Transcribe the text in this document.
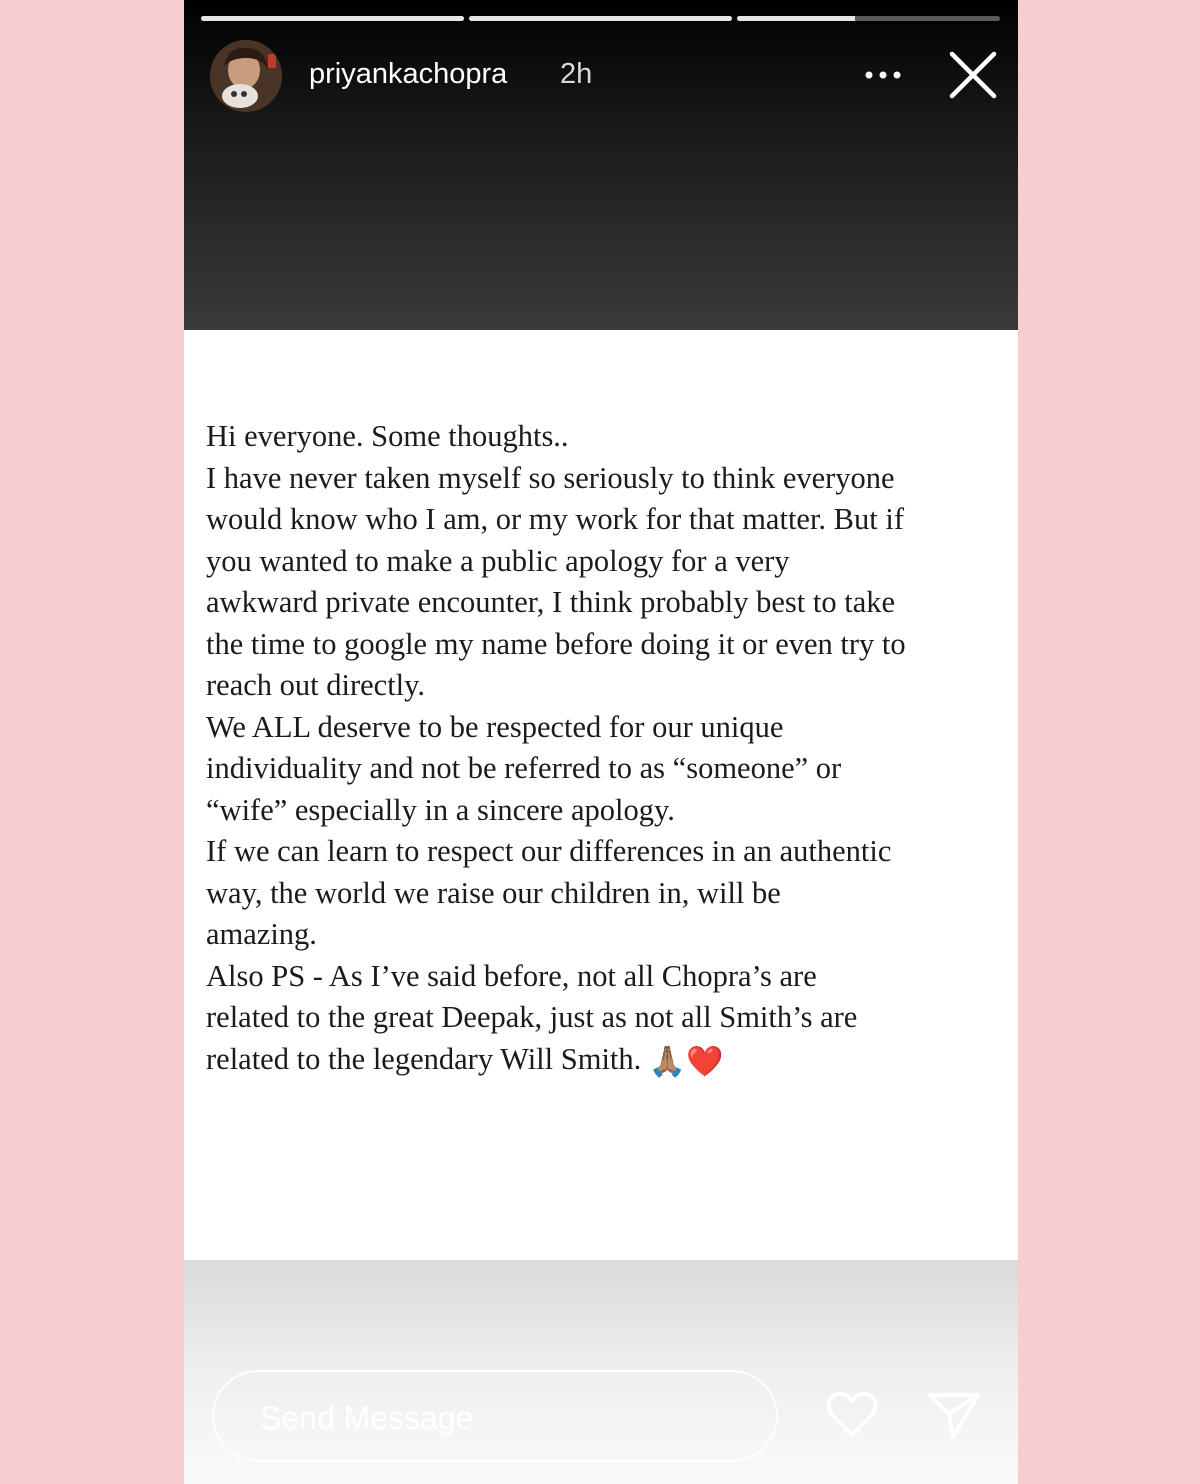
priyankachopra 2h
Hi everyone. Some thoughts..
I have never taken myself so seriously to think everyone
would know who I am, or my work for that matter. But if
you wanted to make a public apology for a very
awkward private encounter, I think probably best to take
the time to google my name before doing it or even try to
reach out directly.
We ALL deserve to be respected for our unique
individuality and not be referred to as “someone” or
“wife” especially in a sincere apology.
If we can learn to respect our differences in an authentic
way, the world we raise our children in, will be
amazing.
Also PS - As I’ve said before, not all Chopra’s are
related to the great Deepak, just as not all Smith’s are
related to the legendary Will Smith. 🙏🏽❤️
Send Message
